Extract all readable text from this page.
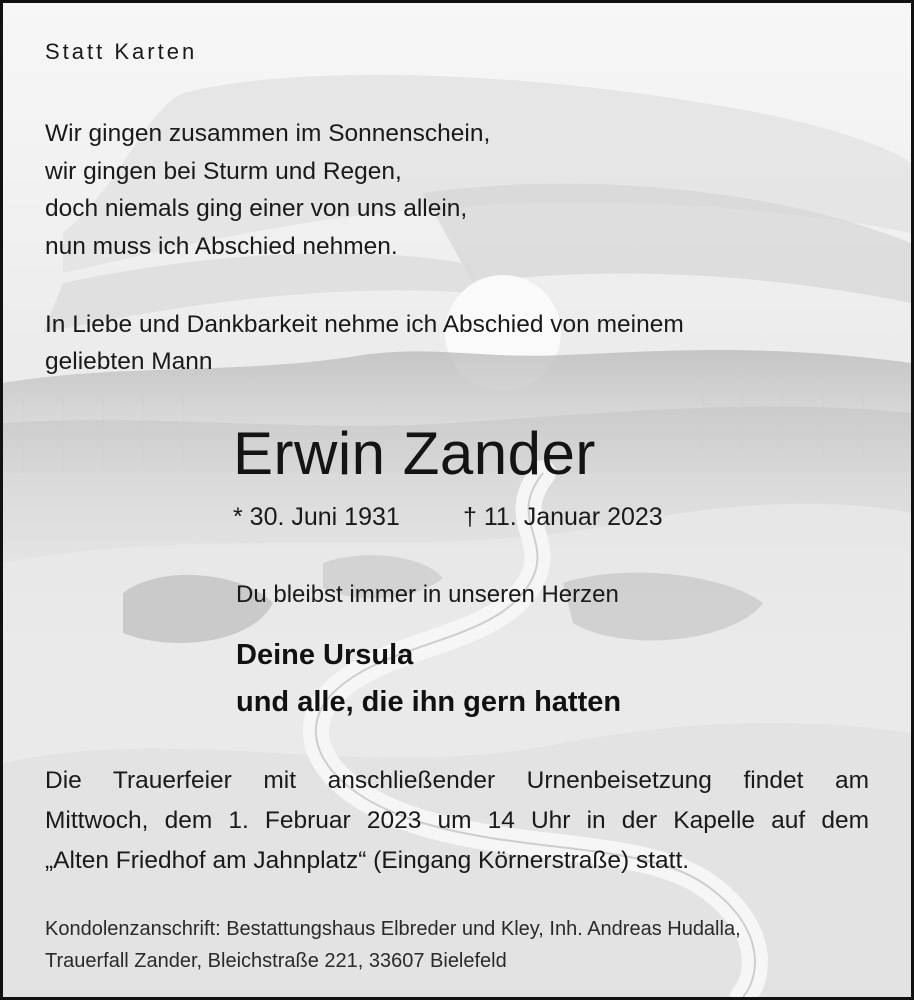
Statt Karten
Wir gingen zusammen im Sonnenschein,
wir gingen bei Sturm und Regen,
doch niemals ging einer von uns allein,
nun muss ich Abschied nehmen.
In Liebe und Dankbarkeit nehme ich Abschied von meinem
geliebten Mann
Erwin Zander
* 30. Juni 1931	† 11. Januar 2023
Du bleibst immer in unseren Herzen
Deine Ursula
und alle, die ihn gern hatten
Die Trauerfeier mit anschließender Urnenbeisetzung findet am
Mittwoch, dem 1. Februar 2023 um 14 Uhr in der Kapelle auf dem
„Alten Friedhof am Jahnplatz“ (Eingang Körnerstraße) statt.
Kondolenzanschrift: Bestattungshaus Elbreder und Kley, Inh. Andreas Hudalla,
Trauerfall Zander, Bleichstraße 221, 33607 Bielefeld
